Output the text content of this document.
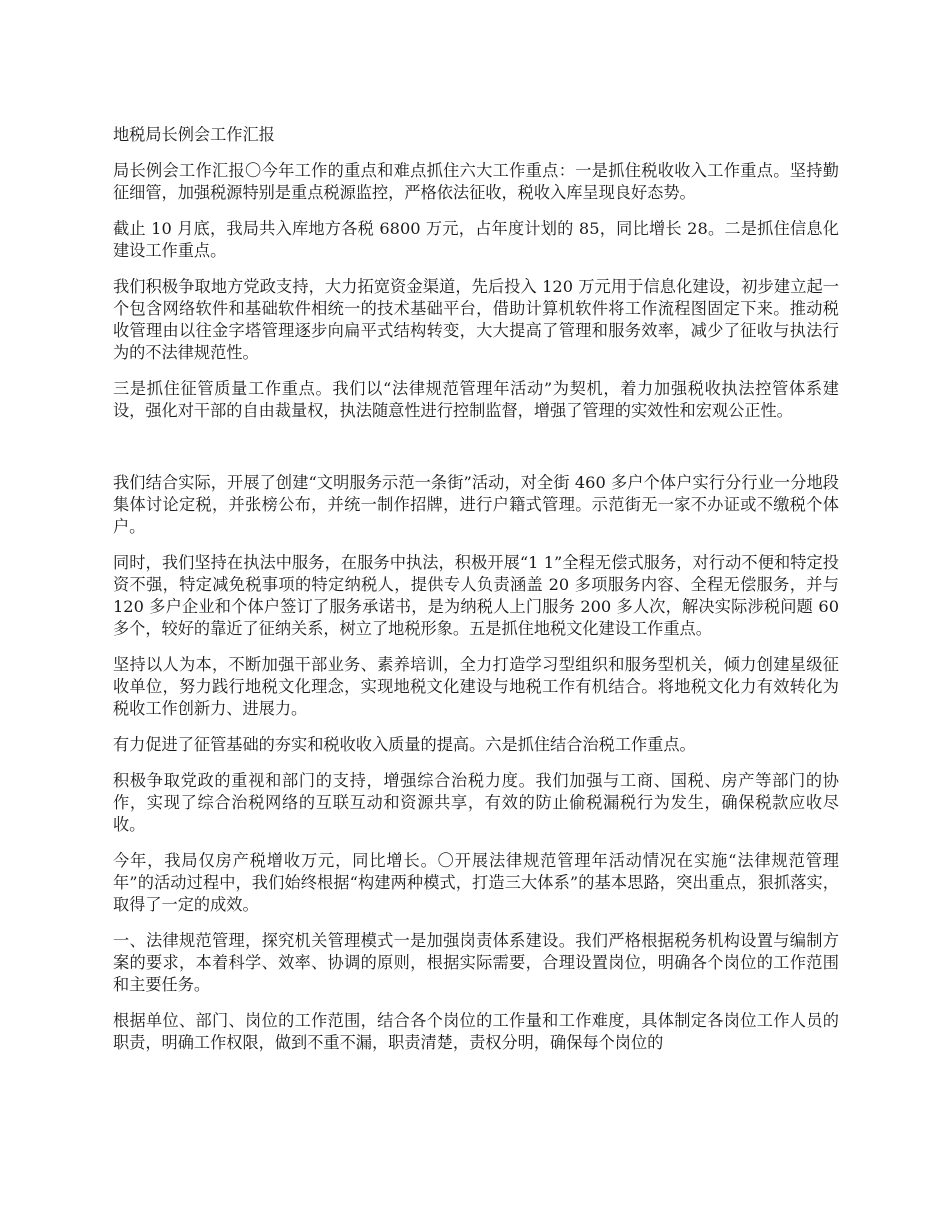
地税局长例会工作汇报

局长例会工作汇报〇今年工作的重点和难点抓住六大工作重点：一是抓住税收收入工作重点。坚持勤征细管，加强税源特别是重点税源监控，严格依法征收，税收入库呈现良好态势。

截止 10 月底，我局共入库地方各税 6800 万元，占年度计划的 85，同比增长 28。二是抓住信息化建设工作重点。

我们积极争取地方党政支持，大力拓宽资金渠道，先后投入 120 万元用于信息化建设，初步建立起一个包含网络软件和基础软件相统一的技术基础平台，借助计算机软件将工作流程图固定下来。推动税收管理由以往金字塔管理逐步向扁平式结构转变，大大提高了管理和服务效率，减少了征收与执法行为的不法律规范性。

三是抓住征管质量工作重点。我们以“法律规范管理年活动”为契机，着力加强税收执法控管体系建设，强化对干部的自由裁量权，执法随意性进行控制监督，增强了管理的实效性和宏观公正性。

我们结合实际，开展了创建“文明服务示范一条街”活动，对全街 460 多户个体户实行分行业一分地段集体讨论定税，并张榜公布，并统一制作招牌，进行户籍式管理。示范街无一家不办证或不缴税个体户。

同时，我们坚持在执法中服务，在服务中执法，积极开展“1 1”全程无偿式服务，对行动不便和特定投资不强，特定减免税事项的特定纳税人，提供专人负责涵盖 20 多项服务内容、全程无偿服务，并与 120 多户企业和个体户签订了服务承诺书，是为纳税人上门服务 200 多人次，解决实际涉税问题 60 多个，较好的靠近了征纳关系，树立了地税形象。五是抓住地税文化建设工作重点。

坚持以人为本，不断加强干部业务、素养培训，全力打造学习型组织和服务型机关，倾力创建星级征收单位，努力践行地税文化理念，实现地税文化建设与地税工作有机结合。将地税文化力有效转化为税收工作创新力、进展力。

有力促进了征管基础的夯实和税收收入质量的提高。六是抓住结合治税工作重点。

积极争取党政的重视和部门的支持，增强综合治税力度。我们加强与工商、国税、房产等部门的协作，实现了综合治税网络的互联互动和资源共享，有效的防止偷税漏税行为发生，确保税款应收尽收。

今年，我局仅房产税增收万元，同比增长。〇开展法律规范管理年活动情况在实施“法律规范管理年”的活动过程中，我们始终根据“构建两种模式，打造三大体系”的基本思路，突出重点，狠抓落实，取得了一定的成效。

一、法律规范管理，探究机关管理模式一是加强岗责体系建设。我们严格根据税务机构设置与编制方案的要求，本着科学、效率、协调的原则，根据实际需要，合理设置岗位，明确各个岗位的工作范围和主要任务。

根据单位、部门、岗位的工作范围，结合各个岗位的工作量和工作难度，具体制定各岗位工作人员的职责，明确工作权限，做到不重不漏，职责清楚，责权分明，确保每个岗位的
